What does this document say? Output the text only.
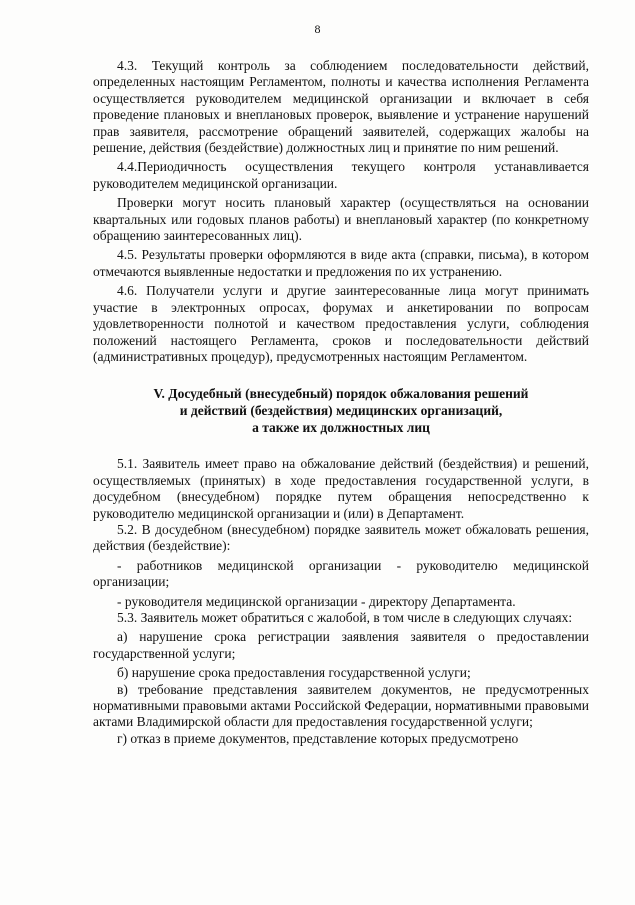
8

4.3. Текущий контроль за соблюдением последовательности действий, определенных настоящим Регламентом, полноты и качества исполнения Регламента осуществляется руководителем медицинской организации и включает в себя проведение плановых и внеплановых проверок, выявление и устранение нарушений прав заявителя, рассмотрение обращений заявителей, содержащих жалобы на решение, действия (бездействие) должностных лиц и принятие по ним решений.

4.4.Периодичность осуществления текущего контроля устанавливается руководителем медицинской организации.

Проверки могут носить плановый характер (осуществляться на основании квартальных или годовых планов работы) и внеплановый характер (по конкретному обращению заинтересованных лиц).

4.5. Результаты проверки оформляются в виде акта (справки, письма), в котором отмечаются выявленные недостатки и предложения по их устранению.

4.6. Получатели услуги и другие заинтересованные лица могут принимать участие в электронных опросах, форумах и анкетировании по вопросам удовлетворенности полнотой и качеством предоставления услуги, соблюдения положений настоящего Регламента, сроков и последовательности действий (административных процедур), предусмотренных настоящим Регламентом.

V. Досудебный (внесудебный) порядок обжалования решений
и действий (бездействия) медицинских организаций,
а также их должностных лиц

5.1. Заявитель имеет право на обжалование действий (бездействия) и решений, осуществляемых (принятых) в ходе предоставления государственной услуги, в досудебном (внесудебном) порядке путем обращения непосредственно к руководителю медицинской организации и (или) в Департамент.

5.2. В досудебном (внесудебном) порядке заявитель может обжаловать решения, действия (бездействие):

- работников медицинской организации - руководителю медицинской организации;

- руководителя медицинской организации - директору Департамента.

5.3. Заявитель может обратиться с жалобой, в том числе в следующих случаях:

а) нарушение срока регистрации заявления заявителя о предоставлении государственной услуги;

б) нарушение срока предоставления государственной услуги;

в) требование представления заявителем документов, не предусмотренных нормативными правовыми актами Российской Федерации, нормативными правовыми актами Владимирской области для предоставления государственной услуги;

г) отказ в приеме документов, представление которых предусмотрено
